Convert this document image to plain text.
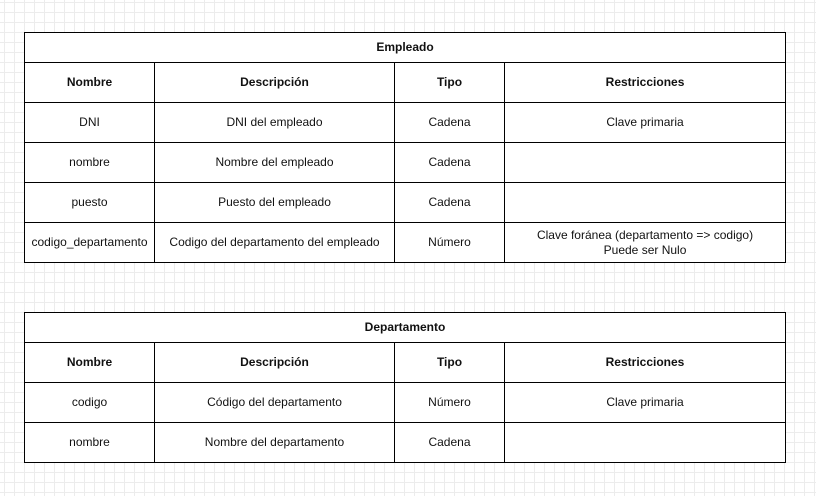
Empleado			
Nombre	Descripción	Tipo	Restricciones
DNI	DNI del empleado	Cadena	Clave primaria
nombre	Nombre del empleado	Cadena	
puesto	Puesto del empleado	Cadena	
codigo_departamento	Codigo del departamento del empleado	Número	Clave foránea (departamento => codigo)
Puede ser Nulo
Departamento			
Nombre	Descripción	Tipo	Restricciones
codigo	Código del departamento	Número	Clave primaria
nombre	Nombre del departamento	Cadena	
